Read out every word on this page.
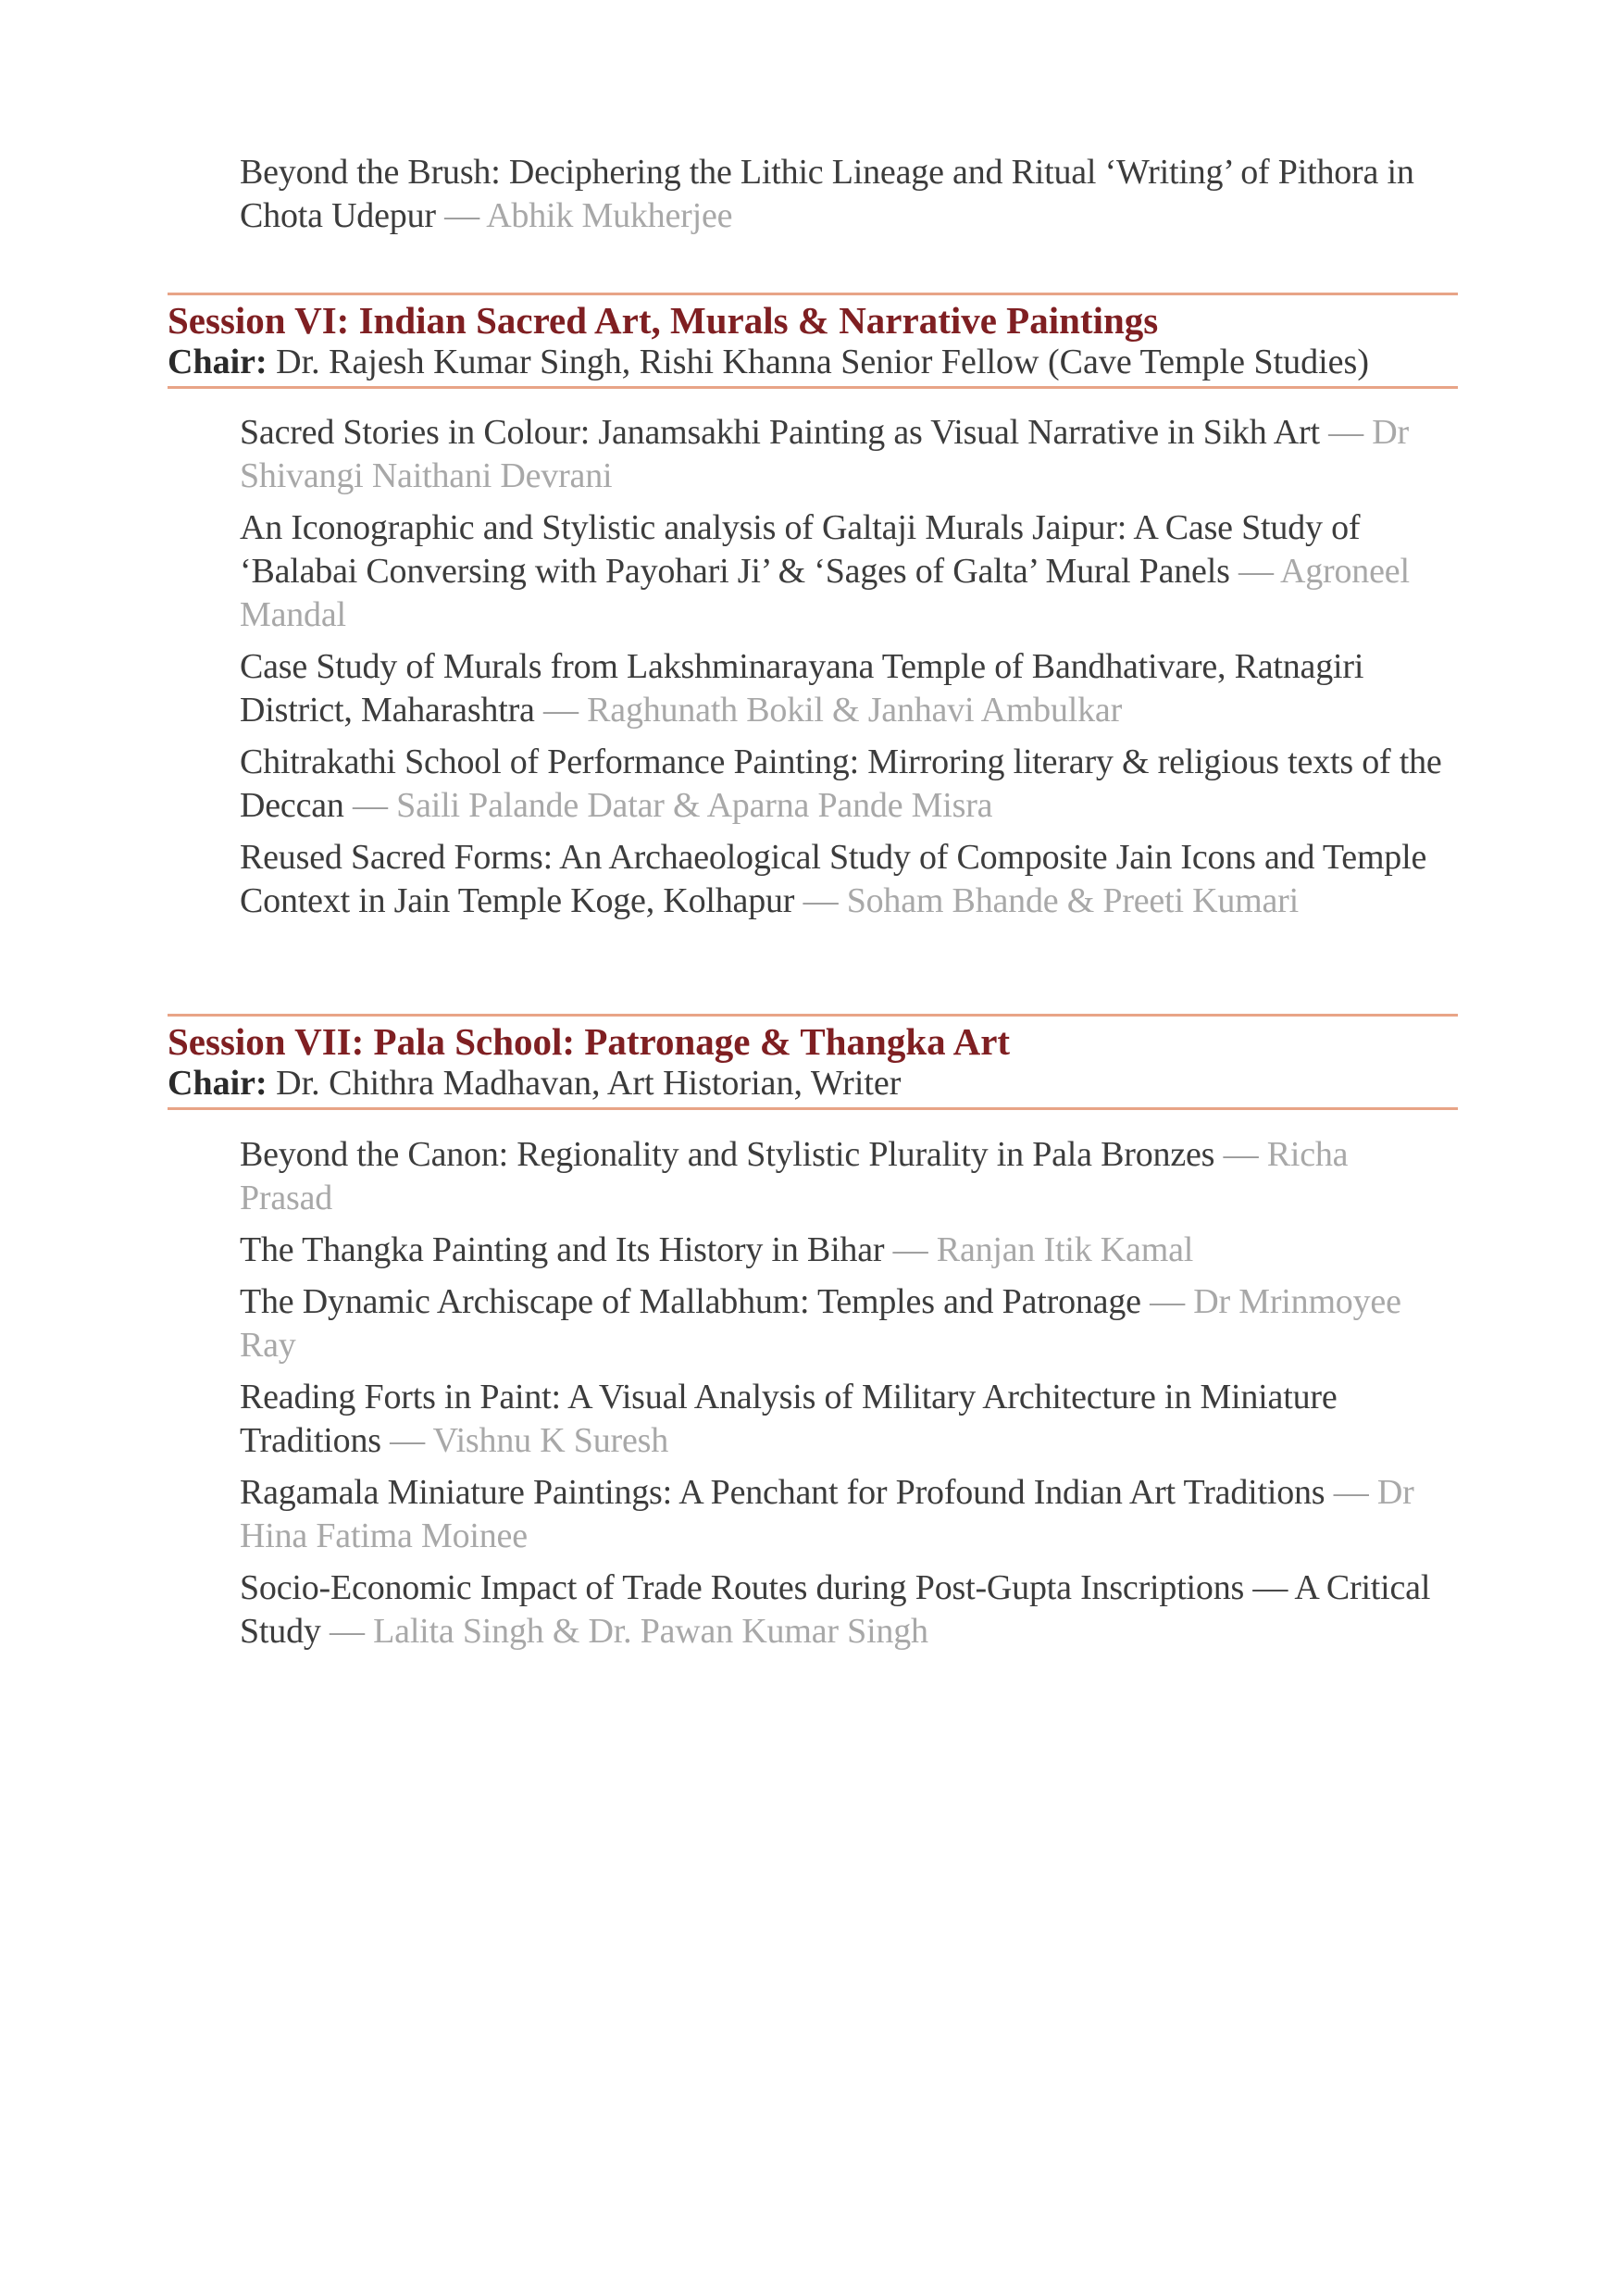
Beyond the Brush: Deciphering the Lithic Lineage and Ritual ‘Writing’ of Pithora in Chota Udepur — Abhik Mukherjee
Session VI: Indian Sacred Art, Murals & Narrative Paintings
Chair: Dr. Rajesh Kumar Singh, Rishi Khanna Senior Fellow (Cave Temple Studies)
Sacred Stories in Colour: Janamsakhi Painting as Visual Narrative in Sikh Art — Dr Shivangi Naithani Devrani
An Iconographic and Stylistic analysis of Galtaji Murals Jaipur: A Case Study of ‘Balabai Conversing with Payohari Ji’ & ‘Sages of Galta’ Mural Panels — Agroneel Mandal
Case Study of Murals from Lakshminarayana Temple of Bandhativare, Ratnagiri District, Maharashtra — Raghunath Bokil & Janhavi Ambulkar
Chitrakathi School of Performance Painting: Mirroring literary & religious texts of the Deccan — Saili Palande Datar & Aparna Pande Misra
Reused Sacred Forms: An Archaeological Study of Composite Jain Icons and Temple Context in Jain Temple Koge, Kolhapur — Soham Bhande & Preeti Kumari
Session VII: Pala School: Patronage & Thangka Art
Chair: Dr. Chithra Madhavan, Art Historian, Writer
Beyond the Canon: Regionality and Stylistic Plurality in Pala Bronzes — Richa Prasad
The Thangka Painting and Its History in Bihar — Ranjan Itik Kamal
The Dynamic Archiscape of Mallabhum: Temples and Patronage — Dr Mrinmoyee Ray
Reading Forts in Paint: A Visual Analysis of Military Architecture in Miniature Traditions — Vishnu K Suresh
Ragamala Miniature Paintings: A Penchant for Profound Indian Art Traditions — Dr Hina Fatima Moinee
Socio-Economic Impact of Trade Routes during Post-Gupta Inscriptions — A Critical Study — Lalita Singh & Dr. Pawan Kumar Singh
